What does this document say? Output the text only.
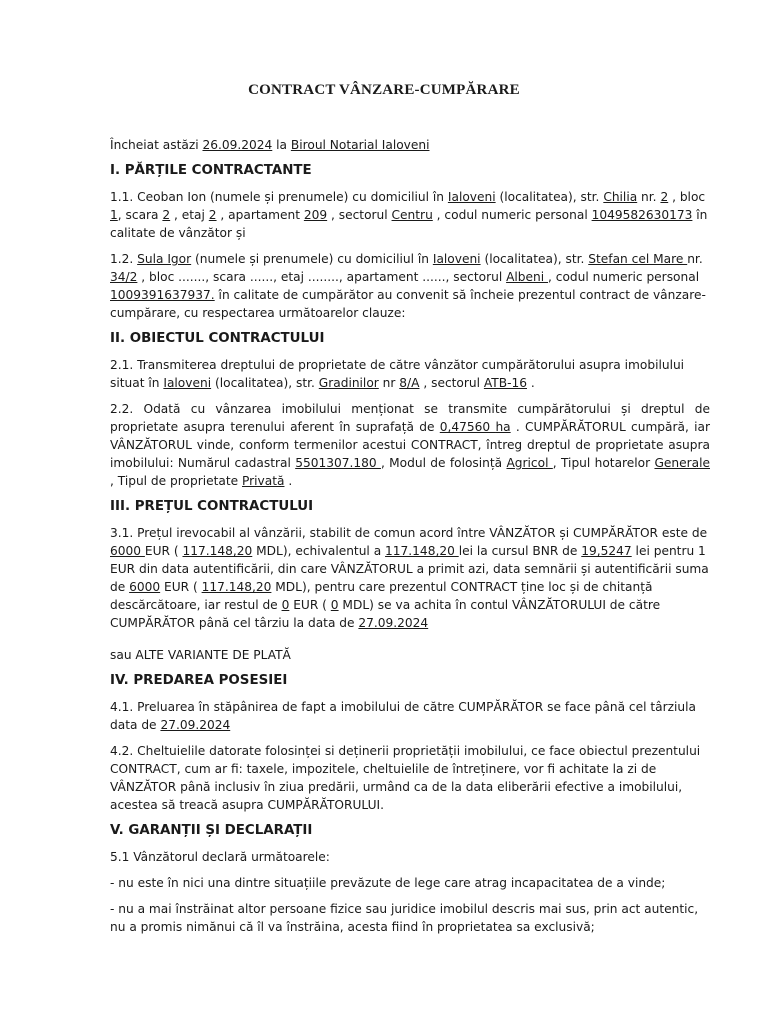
CONTRACT VÂNZARE-CUMPĂRARE

Încheiat astăzi 26.09.2024 la Biroul Notarial Ialoveni

I. PĂRȚILE CONTRACTANTE

1.1. Ceoban Ion (numele și prenumele) cu domiciliul în Ialoveni (localitatea), str. Chilia nr. 2 , bloc 1, scara 2 , etaj 2 , apartament 209 , sectorul Centru , codul numeric personal 1049582630173 în calitate de vânzător și

1.2. Sula Igor (numele și prenumele) cu domiciliul în Ialoveni (localitatea), str. Stefan cel Mare nr. 34/2 , bloc ......., scara ......, etaj ........, apartament ......, sectorul Albeni , codul numeric personal 1009391637937. în calitate de cumpărător au convenit să încheie prezentul contract de vânzare-cumpărare, cu respectarea următoarelor clauze:

II. OBIECTUL CONTRACTULUI

2.1. Transmiterea dreptului de proprietate de către vânzător cumpărătorului asupra imobilului situat în Ialoveni (localitatea), str. Gradinilor nr 8/A , sectorul ATB-16 .

2.2. Odată cu vânzarea imobilului menționat se transmite cumpărătorului și dreptul de proprietate asupra terenului aferent în suprafață de 0,47560 ha . CUMPĂRĂTORUL cumpără, iar VÂNZĂTORUL vinde, conform termenilor acestui CONTRACT, întreg dreptul de proprietate asupra imobilului: Numărul cadastral 5501307.180 , Modul de folosință Agricol , Tipul hotarelor Generale , Tipul de proprietate Privată .

III. PREȚUL CONTRACTULUI

3.1. Prețul irevocabil al vânzării, stabilit de comun acord între VÂNZĂTOR și CUMPĂRĂTOR este de 6000 EUR ( 117.148,20 MDL), echivalentul a 117.148,20 lei la cursul BNR de 19,5247 lei pentru 1 EUR din data autentificării, din care VÂNZĂTORUL a primit azi, data semnării și autentificării suma de 6000 EUR ( 117.148,20 MDL), pentru care prezentul CONTRACT ține loc și de chitanță descărcătoare, iar restul de 0 EUR ( 0 MDL) se va achita în contul VÂNZĂTORULUI de către CUMPĂRĂTOR până cel târziu la data de 27.09.2024

sau ALTE VARIANTE DE PLATĂ

IV. PREDAREA POSESIEI

4.1. Preluarea în stăpânirea de fapt a imobilului de către CUMPĂRĂTOR se face până cel târziula data de 27.09.2024

4.2. Cheltuielile datorate folosinței si deținerii proprietății imobilului, ce face obiectul prezentului CONTRACT, cum ar fi: taxele, impozitele, cheltuielile de întreținere, vor fi achitate la zi de VÂNZĂTOR până inclusiv în ziua predării, urmând ca de la data eliberării efective a imobilului, acestea să treacă asupra CUMPĂRĂTORULUI.

V. GARANȚII ȘI DECLARAȚII

5.1 Vânzătorul declară următoarele:

- nu este în nici una dintre situațiile prevăzute de lege care atrag incapacitatea de a vinde;

- nu a mai înstrăinat altor persoane fizice sau juridice imobilul descris mai sus, prin act autentic, nu a promis nimănui că îl va înstrăina, acesta fiind în proprietatea sa exclusivă;
